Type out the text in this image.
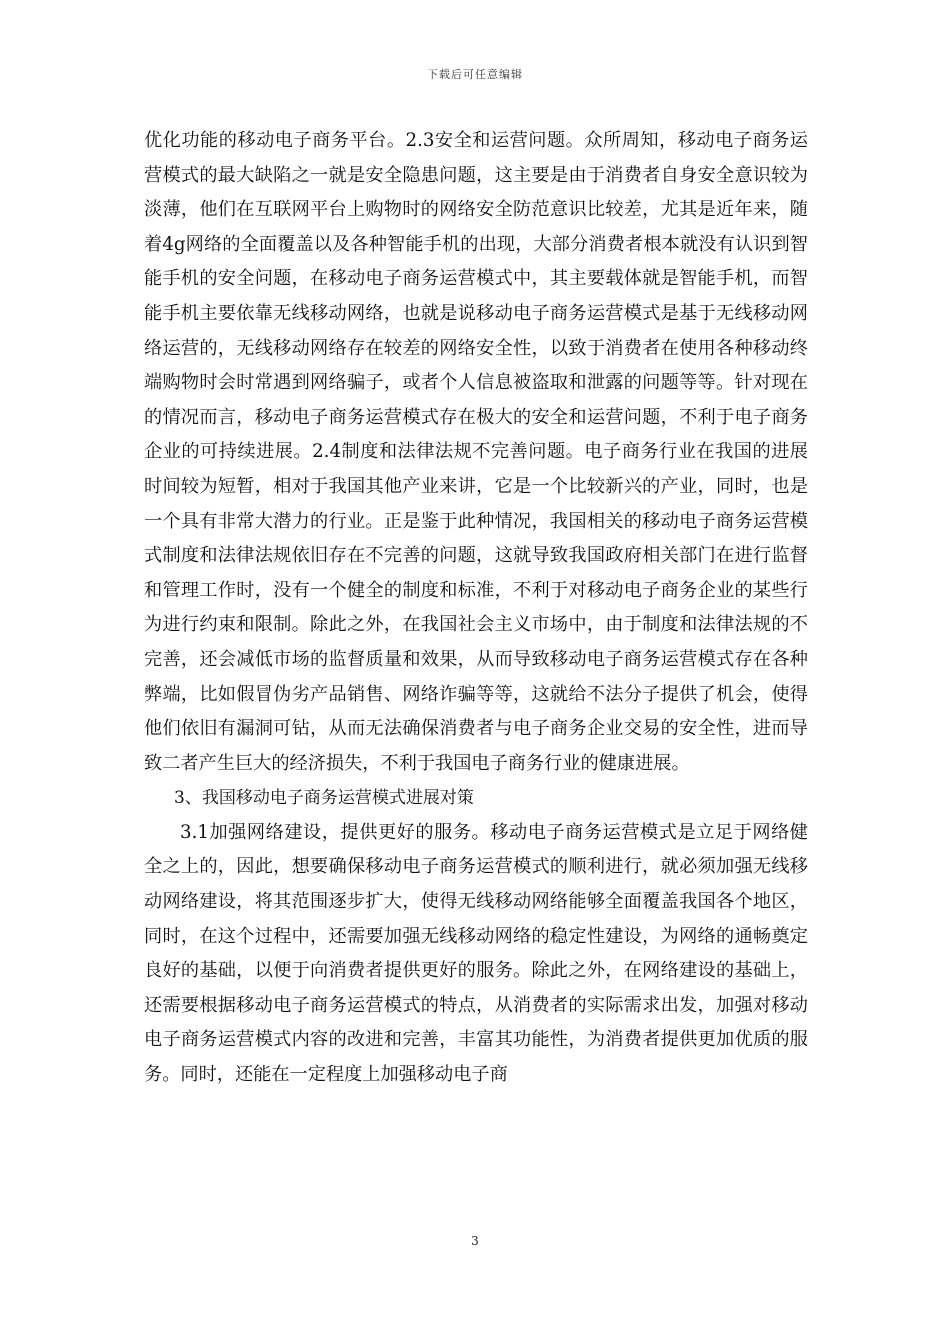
下载后可任意编辑

优化功能的移动电子商务平台。2.3安全和运营问题。众所周知，移动电子商务运营模式的最大缺陷之一就是安全隐患问题，这主要是由于消费者自身安全意识较为淡薄，他们在互联网平台上购物时的网络安全防范意识比较差，尤其是近年来，随着4g网络的全面覆盖以及各种智能手机的出现，大部分消费者根本就没有认识到智能手机的安全问题，在移动电子商务运营模式中，其主要载体就是智能手机，而智能手机主要依靠无线移动网络，也就是说移动电子商务运营模式是基于无线移动网络运营的，无线移动网络存在较差的网络安全性，以致于消费者在使用各种移动终端购物时会时常遇到网络骗子，或者个人信息被盗取和泄露的问题等等。针对现在的情况而言，移动电子商务运营模式存在极大的安全和运营问题，不利于电子商务企业的可持续进展。2.4制度和法律法规不完善问题。电子商务行业在我国的进展时间较为短暂，相对于我国其他产业来讲，它是一个比较新兴的产业，同时，也是一个具有非常大潜力的行业。正是鉴于此种情况，我国相关的移动电子商务运营模式制度和法律法规依旧存在不完善的问题，这就导致我国政府相关部门在进行监督和管理工作时，没有一个健全的制度和标准，不利于对移动电子商务企业的某些行为进行约束和限制。除此之外，在我国社会主义市场中，由于制度和法律法规的不完善，还会减低市场的监督质量和效果，从而导致移动电子商务运营模式存在各种弊端，比如假冒伪劣产品销售、网络诈骗等等，这就给不法分子提供了机会，使得他们依旧有漏洞可钻，从而无法确保消费者与电子商务企业交易的安全性，进而导致二者产生巨大的经济损失，不利于我国电子商务行业的健康进展。

3、我国移动电子商务运营模式进展对策

3.1加强网络建设，提供更好的服务。移动电子商务运营模式是立足于网络健全之上的，因此，想要确保移动电子商务运营模式的顺利进行，就必须加强无线移动网络建设，将其范围逐步扩大，使得无线移动网络能够全面覆盖我国各个地区，同时，在这个过程中，还需要加强无线移动网络的稳定性建设，为网络的通畅奠定良好的基础，以便于向消费者提供更好的服务。除此之外，在网络建设的基础上，还需要根据移动电子商务运营模式的特点，从消费者的实际需求出发，加强对移动电子商务运营模式内容的改进和完善，丰富其功能性，为消费者提供更加优质的服务。同时，还能在一定程度上加强移动电子商

3
